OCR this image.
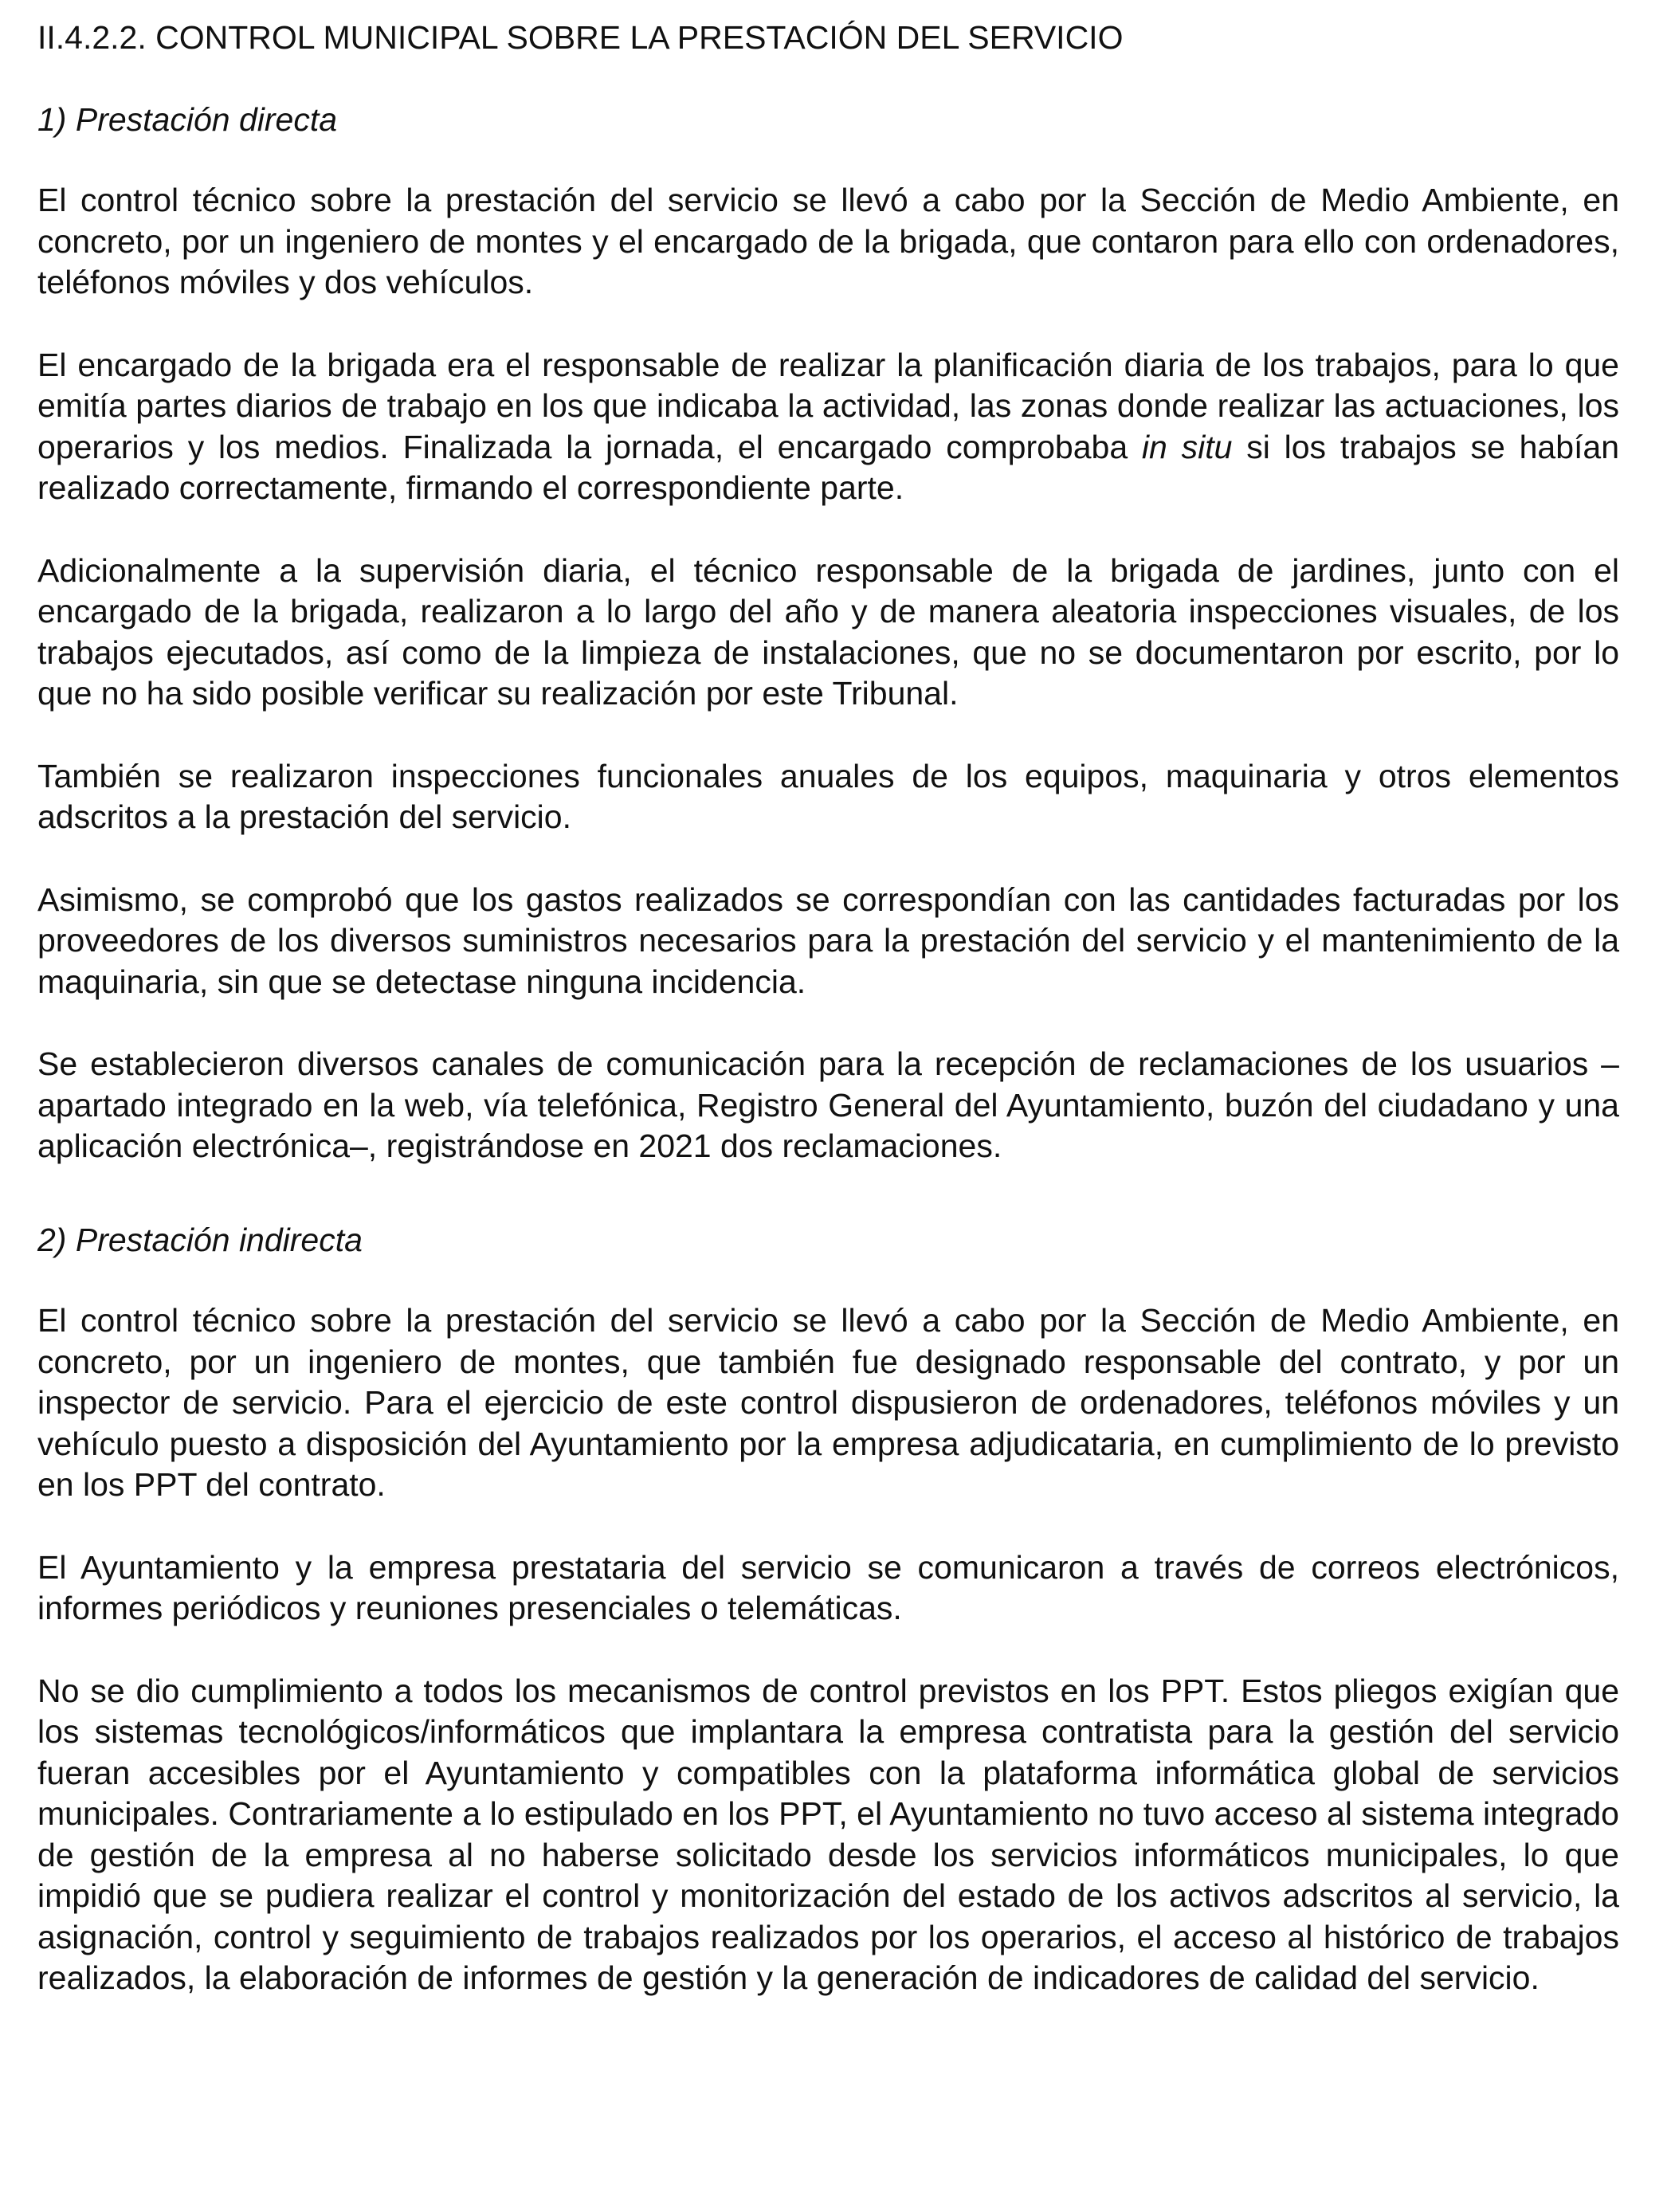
II.4.2.2. CONTROL MUNICIPAL SOBRE LA PRESTACIÓN DEL SERVICIO
1) Prestación directa

El control técnico sobre la prestación del servicio se llevó a cabo por la Sección de Medio Ambiente, en concreto, por un ingeniero de montes y el encargado de la brigada, que contaron para ello con ordenadores, teléfonos móviles y dos vehículos.

El encargado de la brigada era el responsable de realizar la planificación diaria de los trabajos, para lo que emitía partes diarios de trabajo en los que indicaba la actividad, las zonas donde realizar las actuaciones, los operarios y los medios. Finalizada la jornada, el encargado comprobaba in situ si los trabajos se habían realizado correctamente, firmando el correspondiente parte.

Adicionalmente a la supervisión diaria, el técnico responsable de la brigada de jardines, junto con el encargado de la brigada, realizaron a lo largo del año y de manera aleatoria inspecciones visuales, de los trabajos ejecutados, así como de la limpieza de instalaciones, que no se documentaron por escrito, por lo que no ha sido posible verificar su realización por este Tribunal.

También se realizaron inspecciones funcionales anuales de los equipos, maquinaria y otros elementos adscritos a la prestación del servicio.

Asimismo, se comprobó que los gastos realizados se correspondían con las cantidades facturadas por los proveedores de los diversos suministros necesarios para la prestación del servicio y el mantenimiento de la maquinaria, sin que se detectase ninguna incidencia.

Se establecieron diversos canales de comunicación para la recepción de reclamaciones de los usuarios –apartado integrado en la web, vía telefónica, Registro General del Ayuntamiento, buzón del ciudadano y una aplicación electrónica–, registrándose en 2021 dos reclamaciones.

2) Prestación indirecta

El control técnico sobre la prestación del servicio se llevó a cabo por la Sección de Medio Ambiente, en concreto, por un ingeniero de montes, que también fue designado responsable del contrato, y por un inspector de servicio. Para el ejercicio de este control dispusieron de ordenadores, teléfonos móviles y un vehículo puesto a disposición del Ayuntamiento por la empresa adjudicataria, en cumplimiento de lo previsto en los PPT del contrato.

El Ayuntamiento y la empresa prestataria del servicio se comunicaron a través de correos electrónicos, informes periódicos y reuniones presenciales o telemáticas.

No se dio cumplimiento a todos los mecanismos de control previstos en los PPT. Estos pliegos exigían que los sistemas tecnológicos/informáticos que implantara la empresa contratista para la gestión del servicio fueran accesibles por el Ayuntamiento y compatibles con la plataforma informática global de servicios municipales. Contrariamente a lo estipulado en los PPT, el Ayuntamiento no tuvo acceso al sistema integrado de gestión de la empresa al no haberse solicitado desde los servicios informáticos municipales, lo que impidió que se pudiera realizar el control y monitorización del estado de los activos adscritos al servicio, la asignación, control y seguimiento de trabajos realizados por los operarios, el acceso al histórico de trabajos realizados, la elaboración de informes de gestión y la generación de indicadores de calidad del servicio.
